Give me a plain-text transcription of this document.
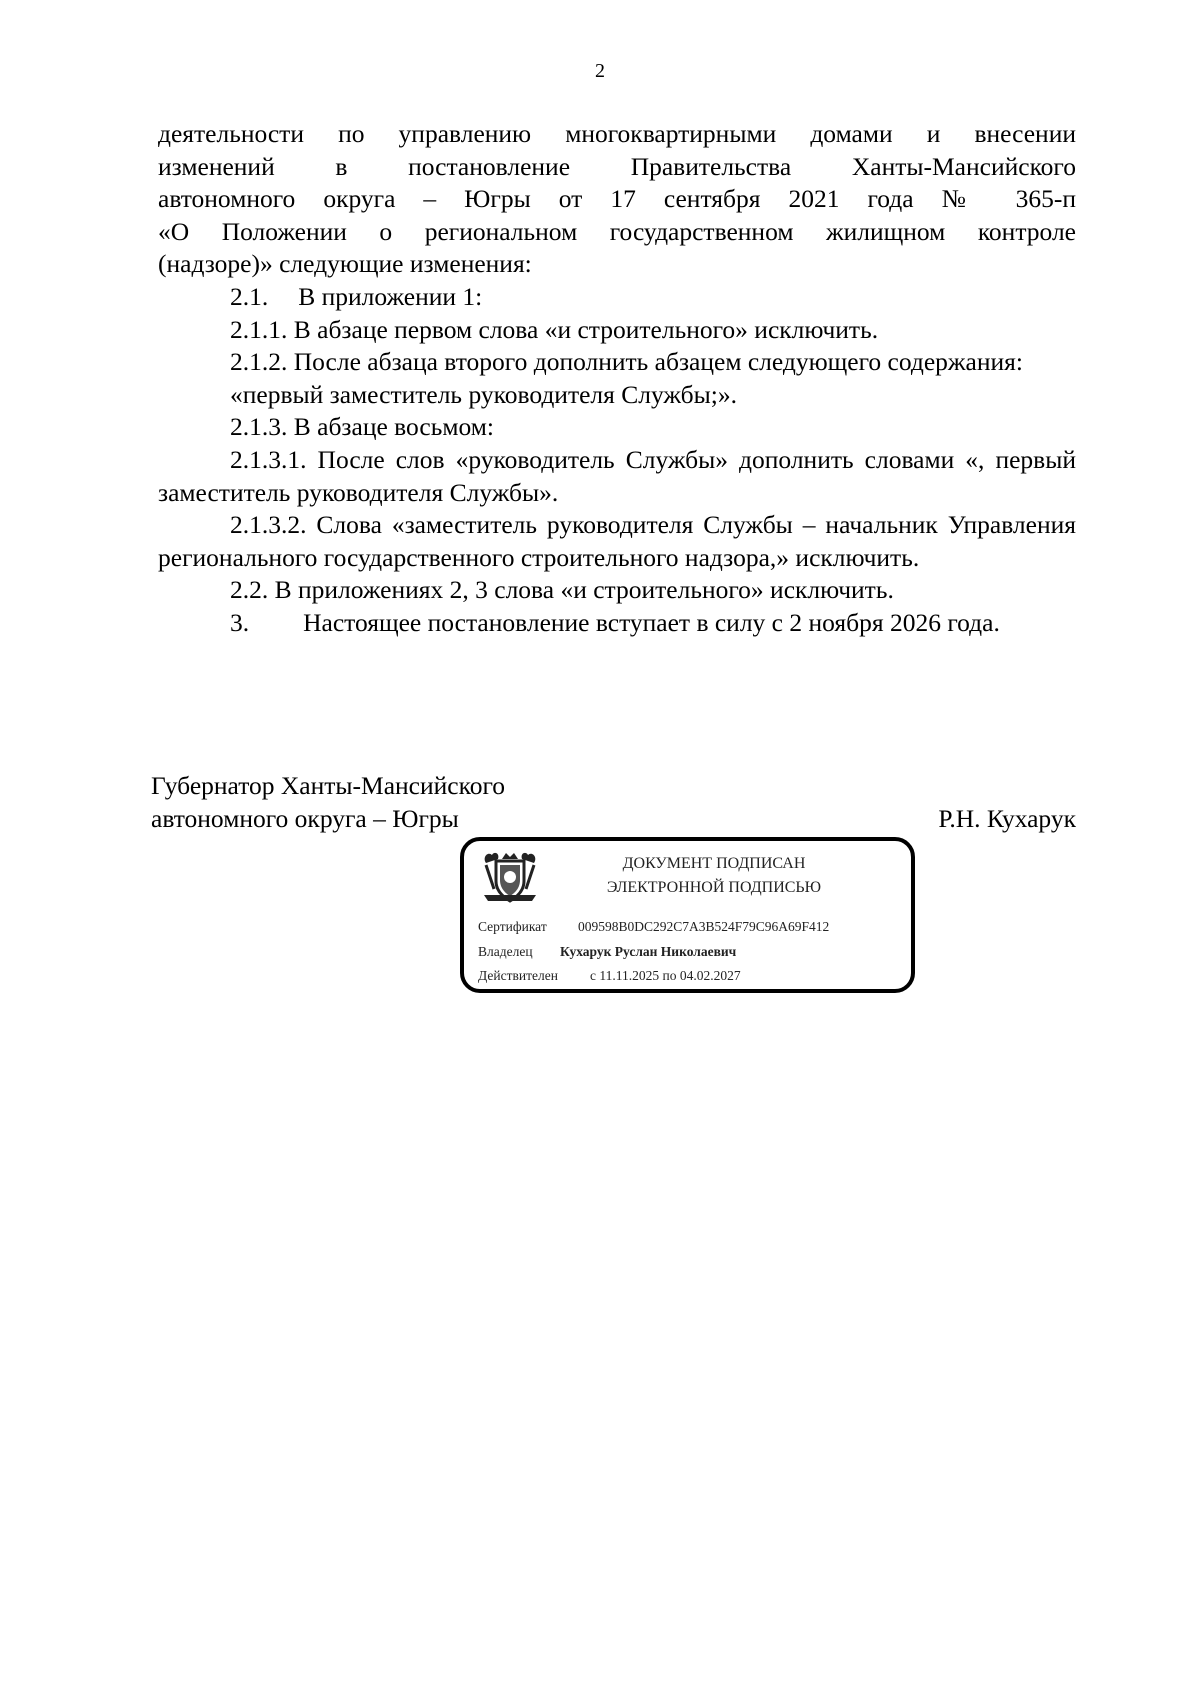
2

деятельности по управлению многоквартирными домами и внесении

изменений в постановление Правительства Ханты-Мансийского

автономного округа – Югры от 17 сентября 2021 года № 365-п

«О Положении о региональном государственном жилищном контроле

(надзоре)» следующие изменения:

2.1. В приложении 1:

2.1.1. В абзаце первом слова «и строительного» исключить.

2.1.2. После абзаца второго дополнить абзацем следующего содержания:

«первый заместитель руководителя Службы;».

2.1.3. В абзаце восьмом:

2.1.3.1. После слов «руководитель Службы» дополнить словами «, первый заместитель руководителя Службы».

2.1.3.2. Слова «заместитель руководителя Службы – начальник Управления регионального государственного строительного надзора,» исключить.

2.2. В приложениях 2, 3 слова «и строительного» исключить.

3. Настоящее постановление вступает в силу с 2 ноября 2026 года.

Губернатор Ханты-Мансийского

автономного округа – Югры	Р.Н. Кухарук

ДОКУМЕНТ ПОДПИСАН
ЭЛЕКТРОННОЙ ПОДПИСЬЮ
Сертификат 009598B0DC292C7A3B524F79C96A69F412
Владелец Кухарук Руслан Николаевич
Действителен с 11.11.2025 по 04.02.2027
